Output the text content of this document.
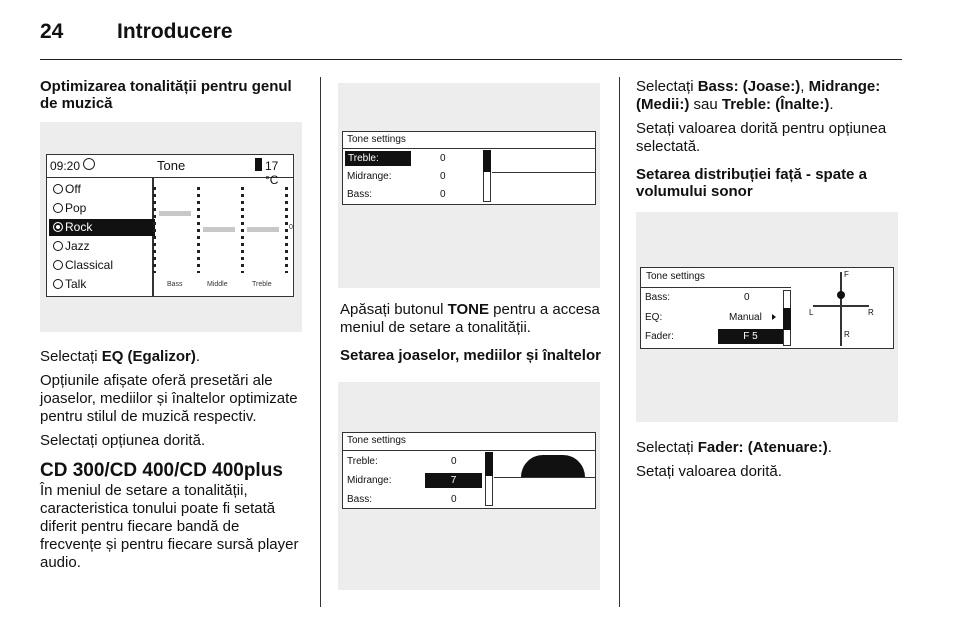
24	Introducere

Optimizarea tonalității pentru genul de muzică

09:20	Tone	17 °C
Off
Pop
Rock
Jazz
Classical
Talk
0
Bass	Middle	Treble

Selectați EQ (Egalizor).

Opțiunile afișate oferă presetări ale joaselor, mediilor și înaltelor optimizate pentru stilul de muzică respectiv.

Selectați opțiunea dorită.

CD 300/CD 400/CD 400plus

În meniul de setare a tonalității, caracteristica tonului poate fi setată diferit pentru fiecare bandă de frecvențe și pentru fiecare sursă player audio.

Tone settings
Treble:	0
Midrange:	0
Bass:	0

Apăsați butonul TONE pentru a accesa meniul de setare a tonalității.

Setarea joaselor, mediilor și înaltelor

Tone settings
Treble:	0
Midrange:	7
Bass:	0

Selectați Bass: (Joase:), Midrange: (Medii:) sau Treble: (Înalte:).

Setați valoarea dorită pentru opțiunea selectată.

Setarea distribuției față - spate a volumului sonor

Tone settings
Bass:	0
EQ:	Manual
Fader:	F 5
F
L	R
R

Selectați Fader: (Atenuare:).

Setați valoarea dorită.
